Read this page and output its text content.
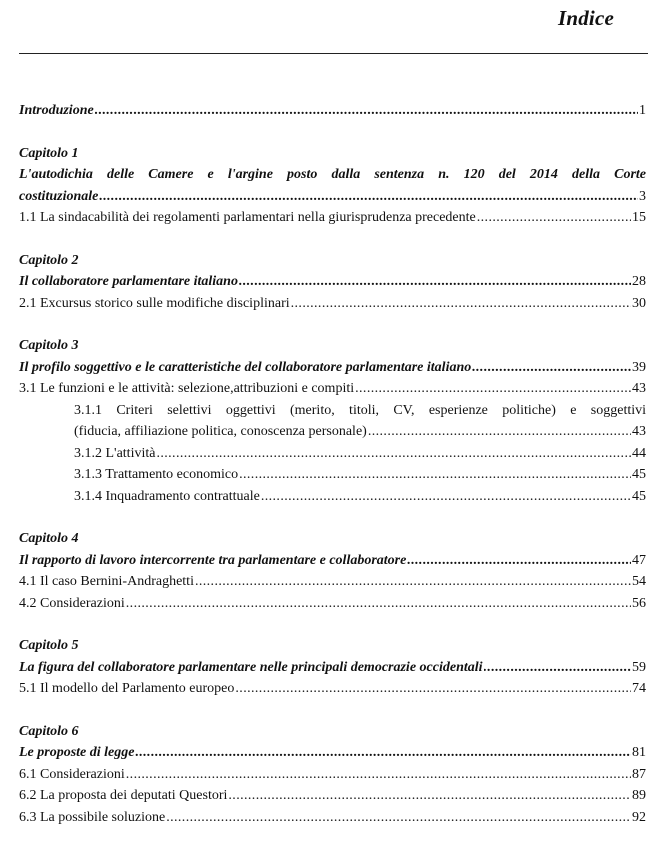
Indice
Introduzione .....	1
Capitolo 1
L'autodichia delle Camere e l'argine posto dalla sentenza n. 120 del 2014 della Corte
costituzionale .....	3
1.1 La sindacabilità dei regolamenti parlamentari nella giurisprudenza precedente .....	15
Capitolo 2
Il collaboratore parlamentare italiano .....	28
2.1 Excursus storico sulle modifiche disciplinari .....	30
Capitolo 3
Il profilo soggettivo e le caratteristiche del collaboratore parlamentare italiano .....	39
3.1 Le funzioni e le attività: selezione,attribuzioni e compiti .....	43
3.1.1 Criteri selettivi oggettivi (merito, titoli, CV, esperienze politiche) e soggettivi
(fiducia, affiliazione politica, conoscenza personale) .....	43
3.1.2 L'attività .....	44
3.1.3 Trattamento economico .....	45
3.1.4 Inquadramento contrattuale .....	45
Capitolo 4
Il rapporto di lavoro intercorrente tra parlamentare e collaboratore .....	47
4.1 Il caso Bernini-Andraghetti .....	54
4.2 Considerazioni .....	56
Capitolo 5
La figura del collaboratore parlamentare nelle principali democrazie occidentali .....	59
5.1 Il modello del Parlamento europeo .....	74
Capitolo 6
Le proposte di legge .....	81
6.1 Considerazioni .....	87
6.2 La proposta dei deputati Questori .....	89
6.3 La possibile soluzione .....	92
